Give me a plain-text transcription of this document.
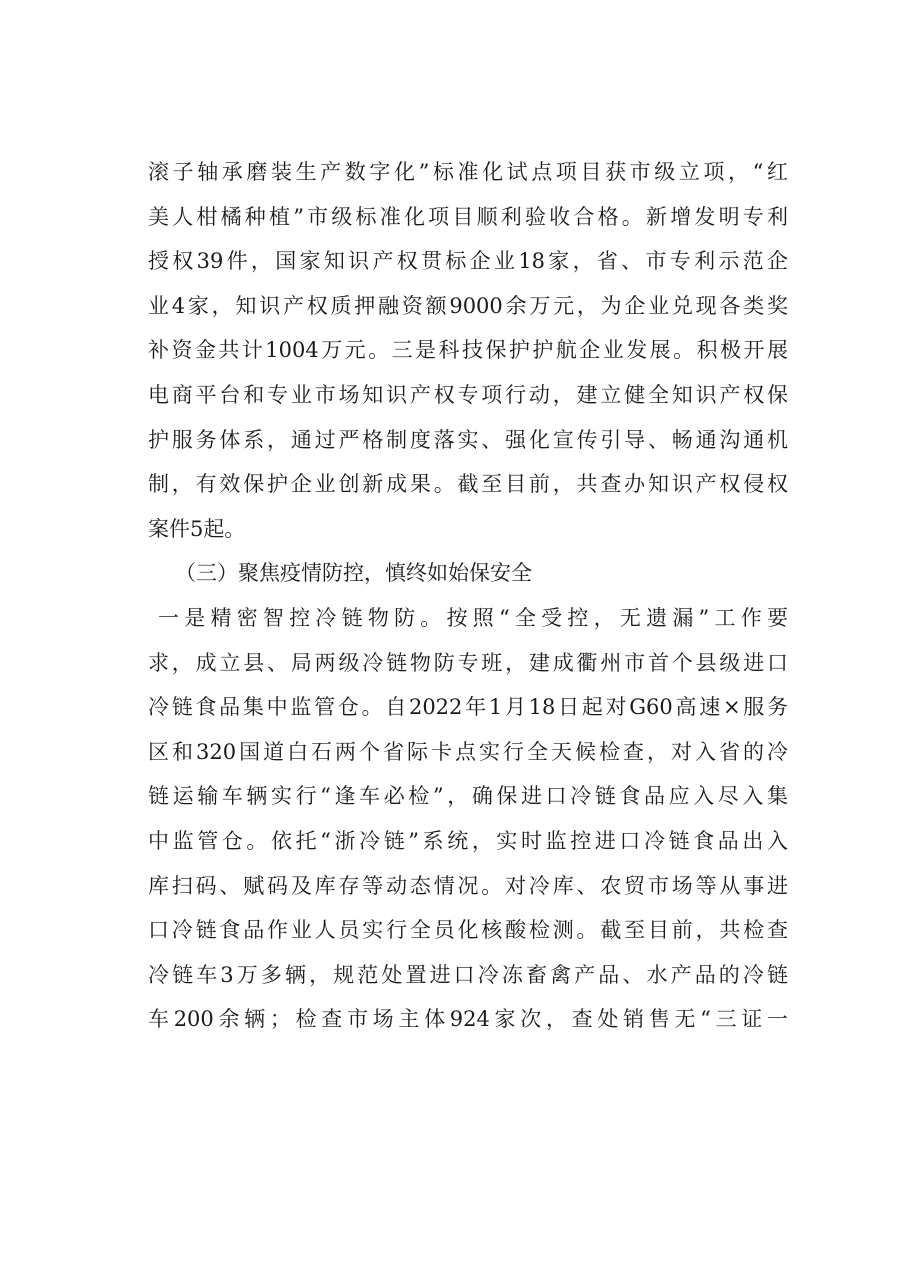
滚子轴承磨装生产数字化”标准化试点项目获市级立项，“红
美人柑橘种植”市级标准化项目顺利验收合格。新增发明专利
授权39件，国家知识产权贯标企业18家，省、市专利示范企
业4家，知识产权质押融资额9000余万元，为企业兑现各类奖
补资金共计1004万元。三是科技保护护航企业发展。积极开展
电商平台和专业市场知识产权专项行动，建立健全知识产权保
护服务体系，通过严格制度落实、强化宣传引导、畅通沟通机
制，有效保护企业创新成果。截至目前，共查办知识产权侵权
案件5起。
（三）聚焦疫情防控，慎终如始保安全
一是精密智控冷链物防。按照“全受控，无遗漏”工作要
求，成立县、局两级冷链物防专班，建成衢州市首个县级进口
冷链食品集中监管仓。自2022年1月18日起对G60高速×服务
区和320国道白石两个省际卡点实行全天候检查，对入省的冷
链运输车辆实行“逢车必检”，确保进口冷链食品应入尽入集
中监管仓。依托“浙冷链”系统，实时监控进口冷链食品出入
库扫码、赋码及库存等动态情况。对冷库、农贸市场等从事进
口冷链食品作业人员实行全员化核酸检测。截至目前，共检查
冷链车3万多辆，规范处置进口冷冻畜禽产品、水产品的冷链
车200余辆；检查市场主体924家次，查处销售无“三证一
